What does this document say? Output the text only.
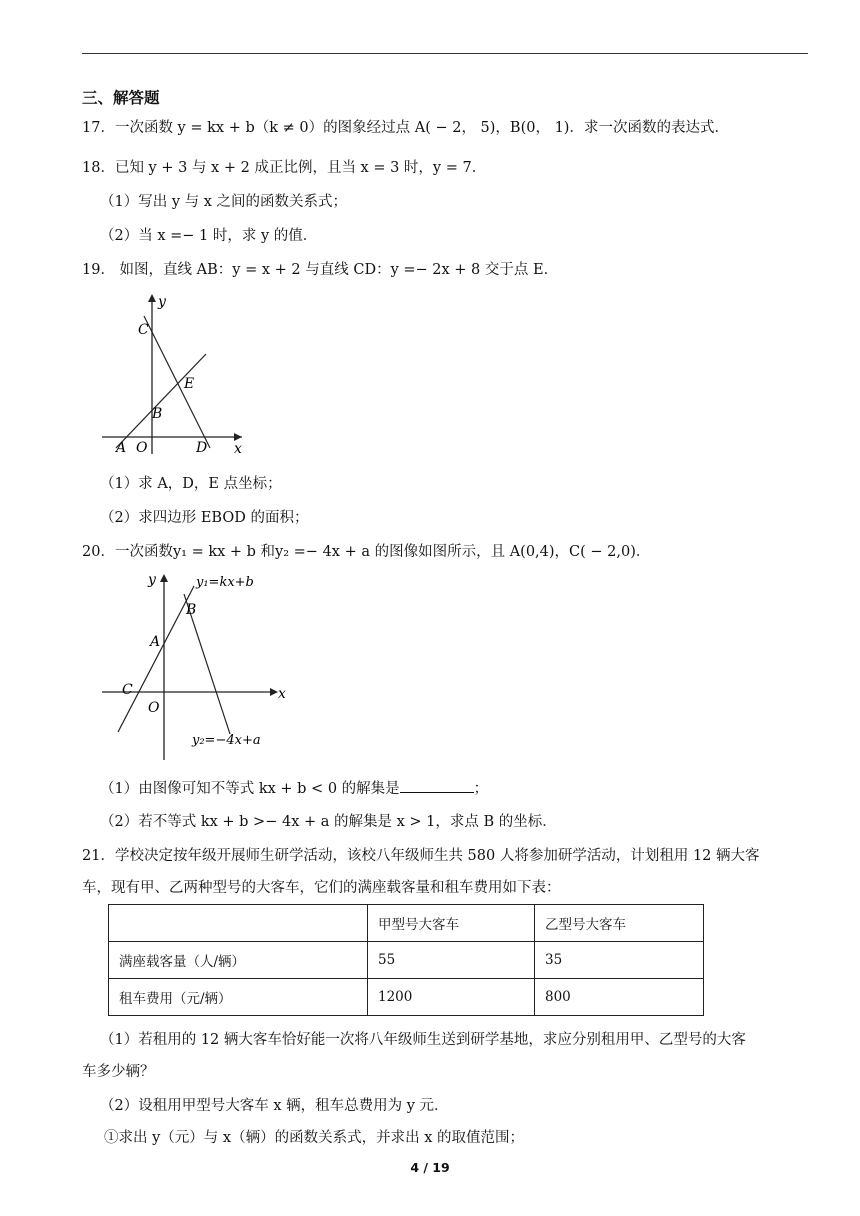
三、解答题
17．一次函数 y = kx + b（k ≠ 0）的图象经过点 A( − 2， 5)，B(0， 1)．求一次函数的表达式．
18．已知 y + 3 与 x + 2 成正比例，且当 x = 3 时，y = 7．
（1）写出 y 与 x 之间的函数关系式；
（2）当 x =− 1 时，求 y 的值．
19． 如图，直线 AB：y = x + 2 与直线 CD：y =− 2x + 8 交于点 E．
y
x
C
E
B
A O	D
（1）求 A，D，E 点坐标；
（2）求四边形 EBOD 的面积；
20．一次函数y₁ = kx + b 和y₂ =− 4x + a 的图像如图所示，且 A(0,4)，C( − 2,0)．
y
x
y₁=kx+b
B
A
C
O
y₂=−4x+a
（1）由图像可知不等式 kx + b < 0 的解集是	；
（2）若不等式 kx + b >− 4x + a 的解集是 x > 1，求点 B 的坐标．
21．学校决定按年级开展师生研学活动，该校八年级师生共 580 人将参加研学活动，计划租用 12 辆大客
车，现有甲、乙两种型号的大客车，它们的满座载客量和租车费用如下表：
	甲型号大客车	乙型号大客车
满座载客量（人/辆）	55	35
租车费用（元/辆）	1200	800
（1）若租用的 12 辆大客车恰好能一次将八年级师生送到研学基地，求应分别租用甲、乙型号的大客
车多少辆？
（2）设租用甲型号大客车 x 辆，租车总费用为 y 元．
①求出 y（元）与 x（辆）的函数关系式，并求出 x 的取值范围；
4 / 19
